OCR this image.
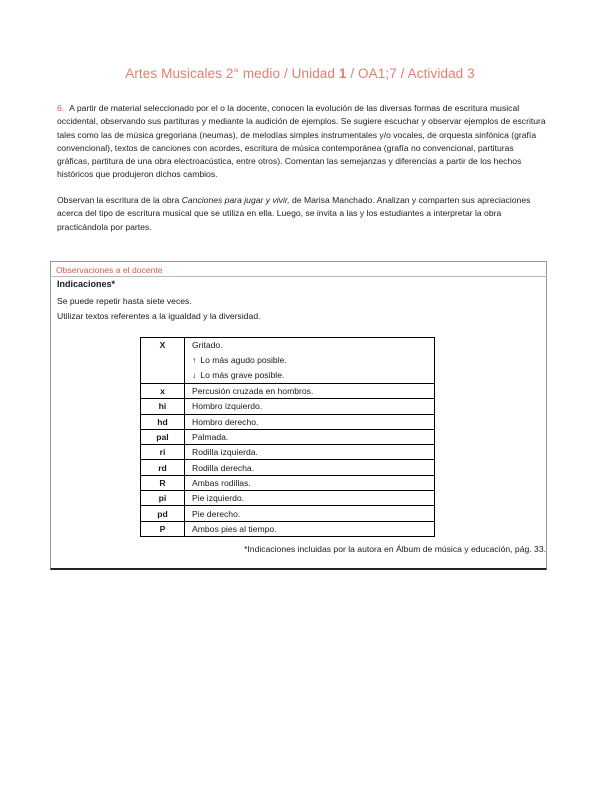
Artes Musicales 2° medio / Unidad 1 / OA1;7 / Actividad 3
6. A partir de material seleccionado por el o la docente, conocen la evolución de las diversas formas de escritura musical occidental, observando sus partituras y mediante la audición de ejemplos. Se sugiere escuchar y observar ejemplos de escritura tales como las de música gregoriana (neumas), de melodías simples instrumentales y/o vocales, de orquesta sinfónica (grafía convencional), textos de canciones con acordes, escritura de música contemporánea (grafía no convencional, partituras gráficas, partitura de una obra electroacústica, entre otros). Comentan las semejanzas y diferencias a partir de los hechos históricos que produjeron dichos cambios.
Observan la escritura de la obra Canciones para jugar y vivir, de Marisa Manchado. Analizan y comparten sus apreciaciones acerca del tipo de escritura musical que se utiliza en ella. Luego, se invita a las y los estudiantes a interpretar la obra practicándola por partes.
Observaciones a el docente
Indicaciones*
Se puede repetir hasta siete veces.
Utilizar textos referentes a la igualdad y la diversidad.
X	Gritado.
↑ Lo más agudo posible.
↓ Lo más grave posible.

x	Percusión cruzada en hombros.
hi	Hombro izquierdo.
hd	Hombro derecho.
pal	Palmada.
ri	Rodilla izquierda.
rd	Rodilla derecha.
R	Ambas rodillas.
pi	Pie izquierdo.
pd	Pie derecho.
P	Ambos pies al tiempo.
*Indicaciones incluidas por la autora en Álbum de música y educación, pág. 33.
